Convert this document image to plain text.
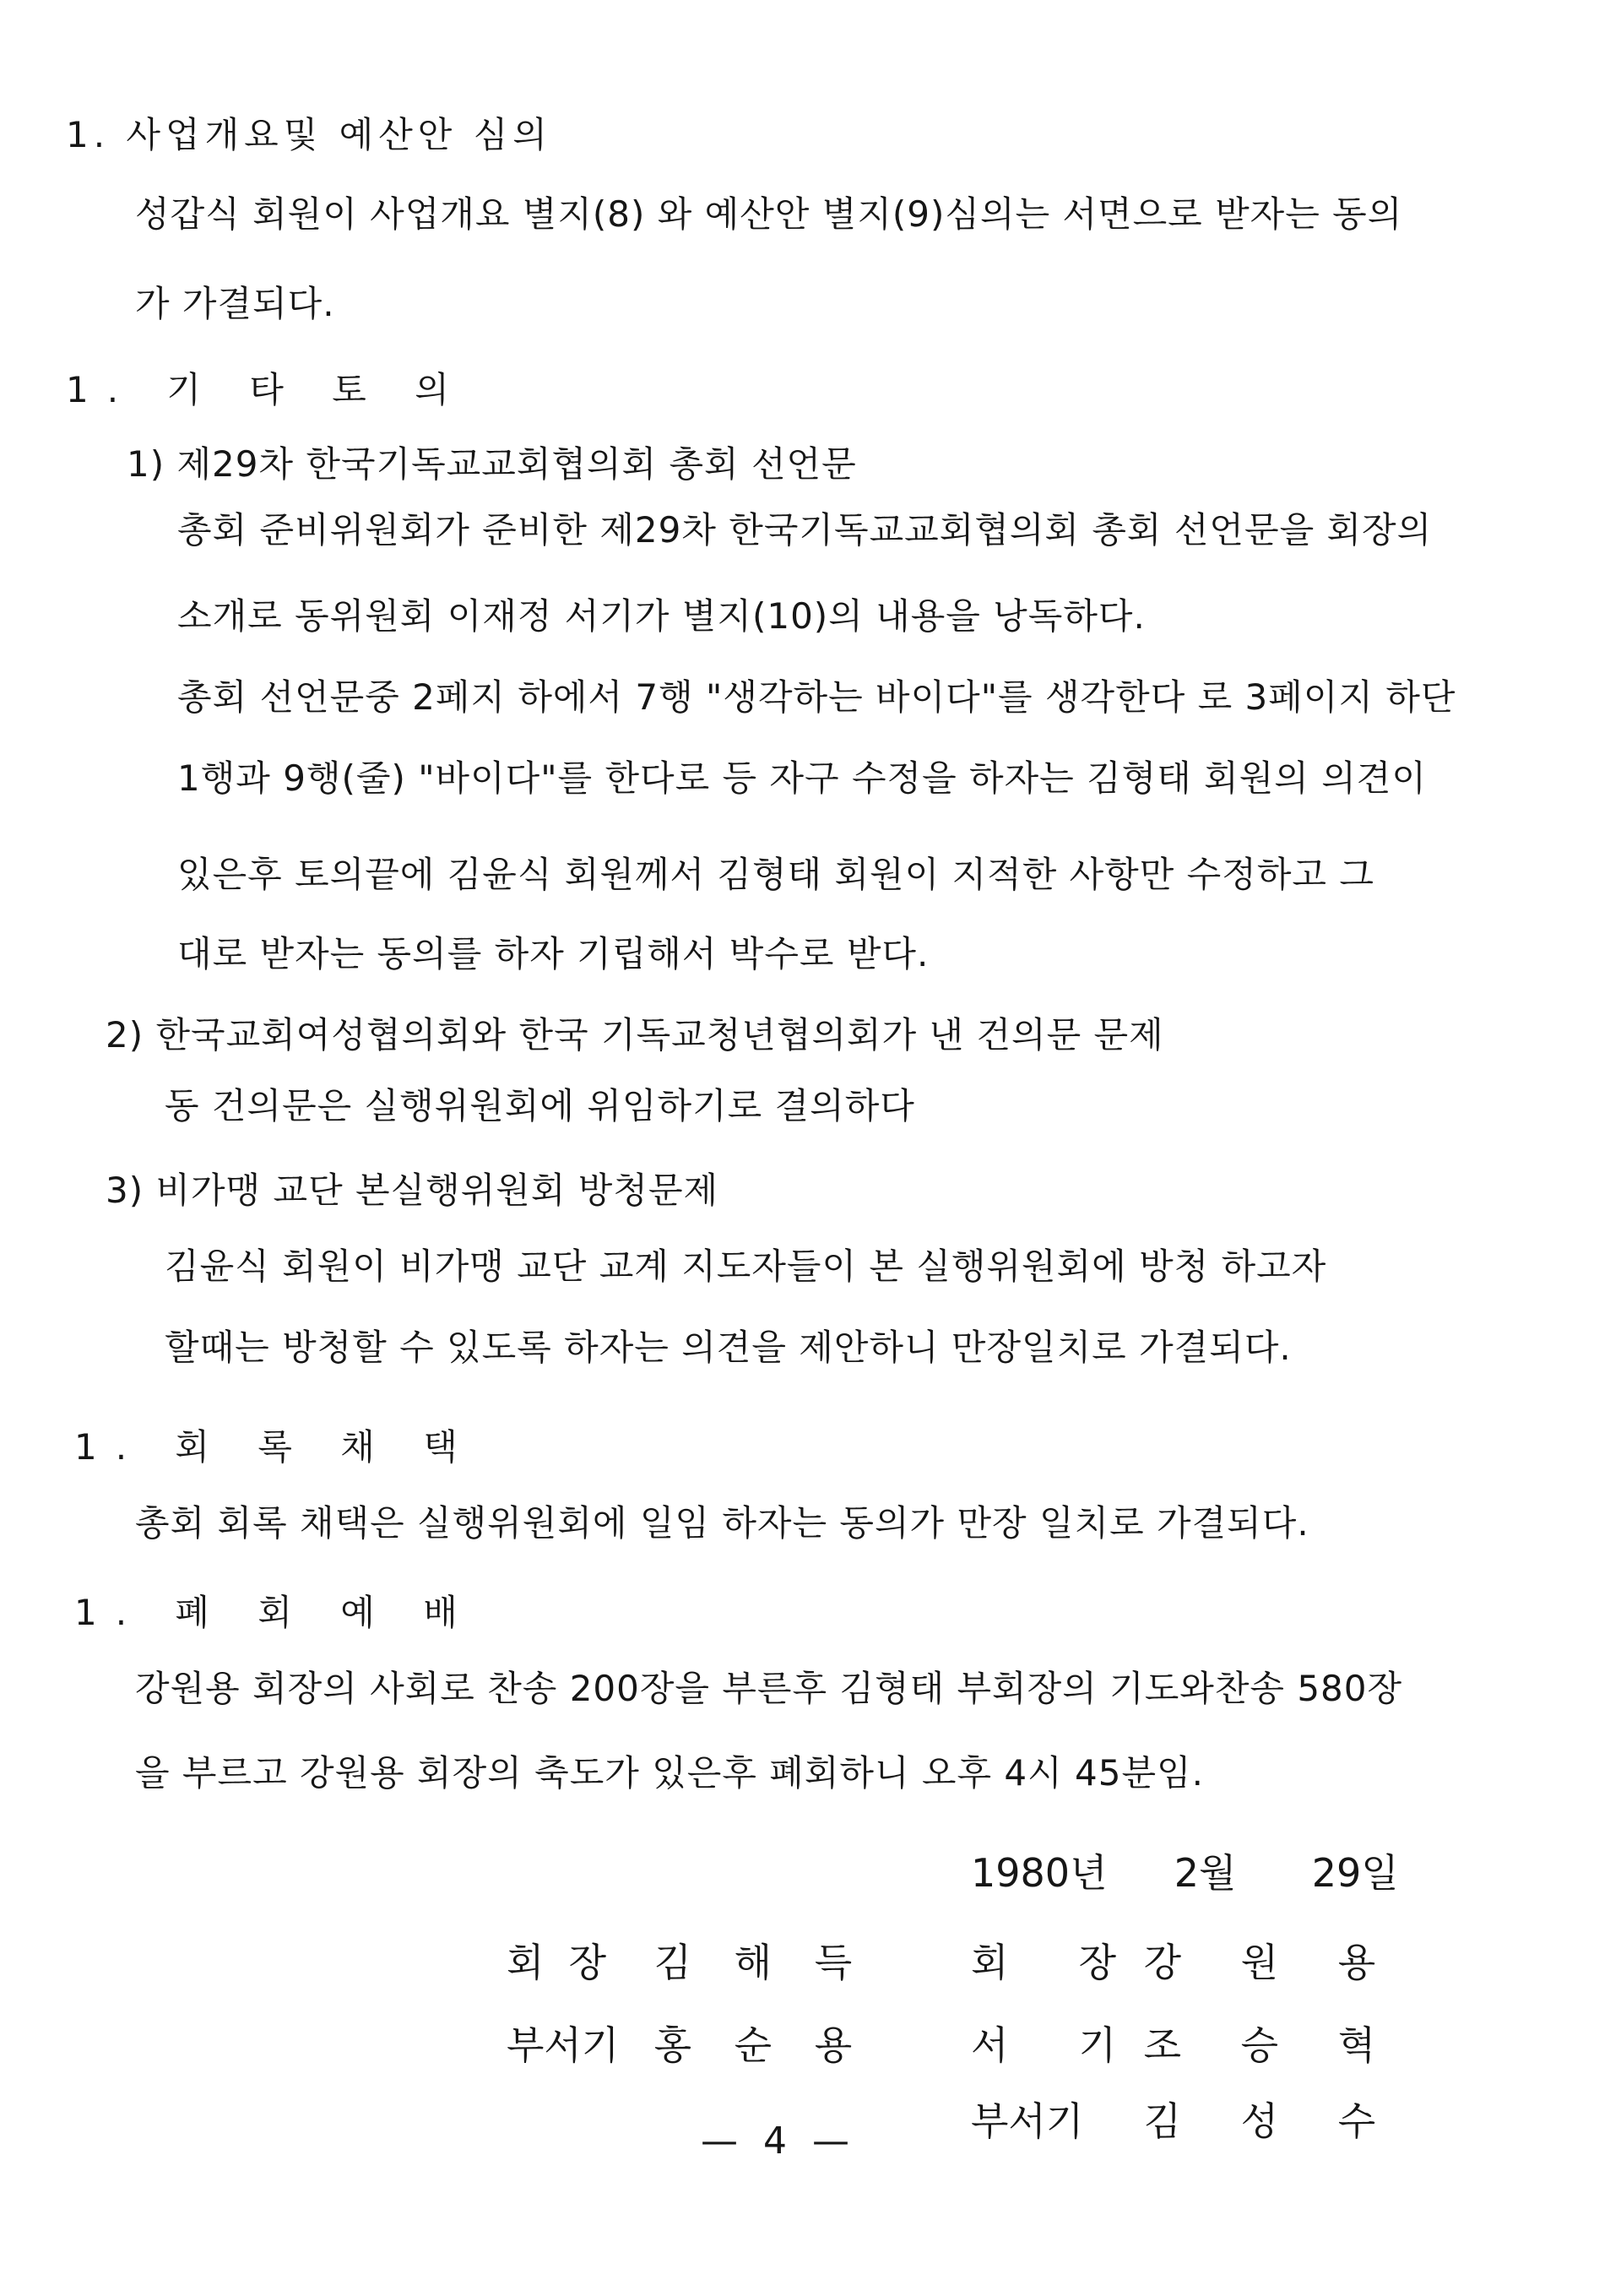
1. 사업개요및 예산안 심의
성갑식 회원이 사업개요 별지(8) 와 예산안 별지(9)심의는 서면으로 받자는 동의
가 가결되다.
1. 기 타 토 의
1) 제29차 한국기독교교회협의회 총회 선언문
총회 준비위원회가 준비한 제29차 한국기독교교회협의회 총회 선언문을 회장의
소개로 동위원회 이재정 서기가 별지(10)의 내용을 낭독하다.
총회 선언문중 2페지 하에서 7행 "생각하는 바이다"를 생각한다 로 3페이지 하단
1행과 9행(줄) "바이다"를 한다로 등 자구 수정을 하자는 김형태 회원의 의견이
있은후 토의끝에 김윤식 회원께서 김형태 회원이 지적한 사항만 수정하고 그
대로 받자는 동의를 하자 기립해서 박수로 받다.
2) 한국교회여성협의회와 한국 기독교청년협의회가 낸 건의문 문제
동 건의문은 실행위원회에 위임하기로 결의하다
3) 비가맹 교단 본실행위원회 방청문제
김윤식 회원이 비가맹 교단 교계 지도자들이 본 실행위원회에 방청 하고자
할때는 방청할 수 있도록 하자는 의견을 제안하니 만장일치로 가결되다.
1. 회 록 채 택
총회 회록 채택은 실행위원회에 일임 하자는 동의가 만장 일치로 가결되다.
1. 폐 회 예 배
강원용 회장의 사회로 찬송 200장을 부른후 김형태 부회장의 기도와찬송 580장
을 부르고 강원용 회장의 축도가 있은후 폐회하니 오후 4시 45분임.
1980년 2월 29일
회  장 김 해 득
부서기 홍 순 용
회  장 강 원 용
서  기 조 승 혁
부서기 김 성 수
— 4 —
